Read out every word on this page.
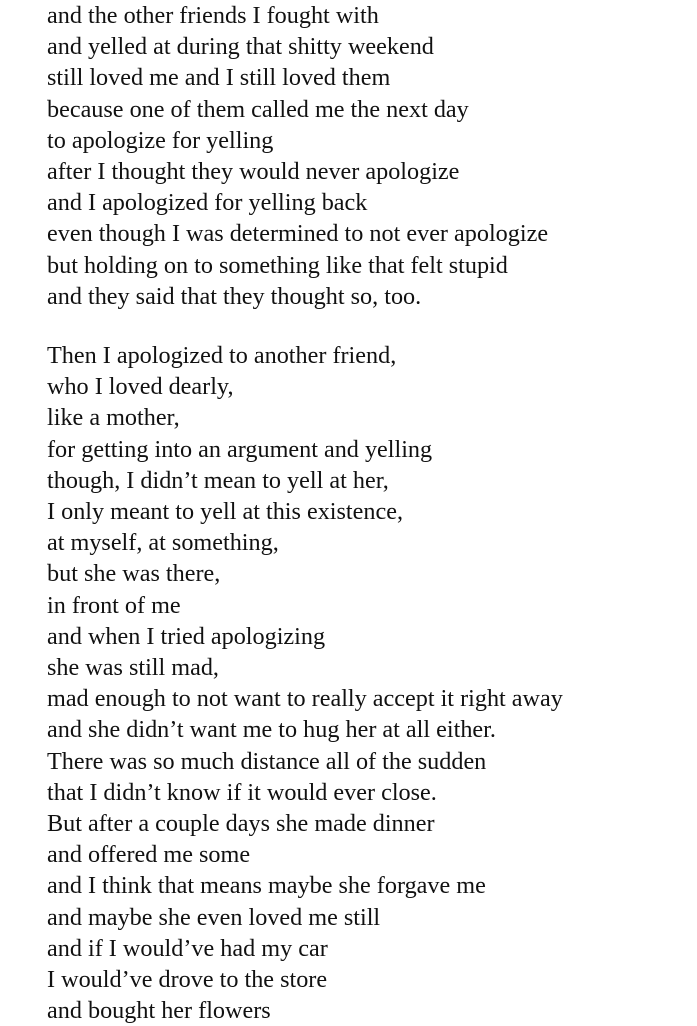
and the other friends I fought with
and yelled at during that shitty weekend
still loved me and I still loved them
because one of them called me the next day
to apologize for yelling
after I thought they would never apologize
and I apologized for yelling back
even though I was determined to not ever apologize
but holding on to something like that felt stupid
and they said that they thought so, too.
Then I apologized to another friend,
who I loved dearly,
like a mother,
for getting into an argument and yelling
though, I didn’t mean to yell at her,
I only meant to yell at this existence,
at myself, at something,
but she was there,
in front of me
and when I tried apologizing
she was still mad,
mad enough to not want to really accept it right away
and she didn’t want me to hug her at all either.
There was so much distance all of the sudden
that I didn’t know if it would ever close.
But after a couple days she made dinner
and offered me some
and I think that means maybe she forgave me
and maybe she even loved me still
and if I would’ve had my car
I would’ve drove to the store
and bought her flowers
